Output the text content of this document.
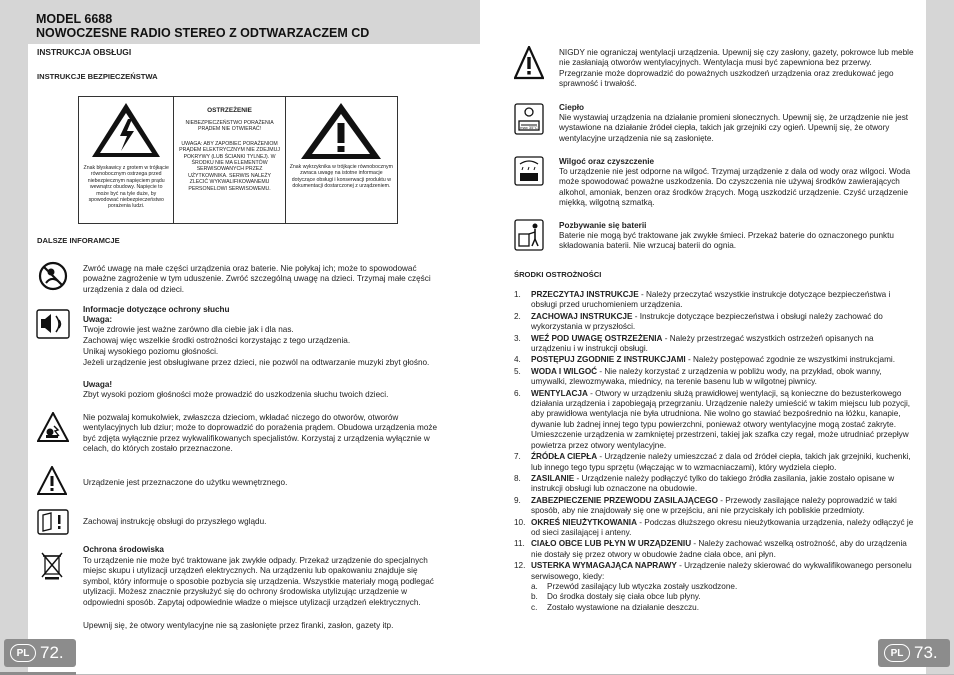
MODEL 6688
NOWOCZESNE RADIO STEREO Z ODTWARZACZEM CD
INSTRUKCJA OBSŁUGI
INSTRUKCJE BEZPIECZEŃSTWA
Znak błyskawicy z grotem w trójkącie równobocznym ostrzega przed niebezpiecznym napięciem prądu wewnątrz obudowy. Napięcie to może być na tyle duże, by spowodować niebezpieczeństwo porażenia ludzi.
OSTRZEŻENIE
NIEBEZPIECZEŃSTWO PORAŻENIA PRĄDEM NIE OTWIERAĆ!
UWAGA: ABY ZAPOBIEC PORAŻENIOM PRĄDEM ELEKTRYCZNYM NIE ZDEJMUJ POKRYWY (LUB ŚCIANKI TYLNEJ). W ŚRODKU NIE MA ELEMENTÓW SERWISOWANYCH PRZEZ UŻYTKOWNIKA. SERWIS NALEŻY ZLECIĆ WYKWALIFIKOWANEMU PERSONELOWI SERWISOWEMU.
Znak wykrzyknika w trójkącie równobocznym zwraca uwagę na istotne informacje dotyczące obsługi i konserwacji produktu w dokumentacji dostarczonej z urządzeniem.
DALSZE INFORAMCJE
Zwróć uwagę na małe części urządzenia oraz baterie. Nie połykaj ich; może to spowodować poważne zagrożenie w tym uduszenie. Zwróć szczególną uwagę na dzieci. Trzymaj małe części urządzenia z dala od dzieci.
Informacje dotyczące ochrony słuchu
Uwaga:
Twoje zdrowie jest ważne zarówno dla ciebie jak i dla nas.
Zachowaj więc wszelkie środki ostrożności korzystając z tego urządzenia.
Unikaj wysokiego poziomu głośności.
Jeżeli urządzenie jest obsługiwane przez dzieci, nie pozwól na odtwarzanie muzyki zbyt głośno.
Uwaga!
Zbyt wysoki poziom głośności może prowadzić do uszkodzenia słuchu twoich dzieci.
Nie pozwalaj komukolwiek, zwłaszcza dzieciom, wkładać niczego do otworów, otworów wentylacyjnych lub dziur; może to doprowadzić do porażenia prądem. Obudowa urządzenia może być zdjęta wyłącznie przez wykwalifikowanych specjalistów. Korzystaj z urządzenia wyłącznie w celach, do których zostało przeznaczone.
Urządzenie jest przeznaczone do użytku wewnętrznego.
Zachowaj instrukcję obsługi do przyszłego wglądu.
Ochrona środowiska
To urządzenie nie może być traktowane jak zwykłe odpady. Przekaż urządzenie do specjalnych miejsc skupu i utylizacji urządzeń elektrycznych. Na urządzeniu lub opakowaniu znajduje się symbol, który informuje o sposobie pozbycia się urządzenia. Wszystkie materiały mogą podlegać utylizacji. Możesz znacznie przysłużyć się do ochrony środowiska utylizując urządzenie w odpowiedni sposób. Zapytaj odpowiednie władze o miejsce utylizacji urządzeń elektrycznych.
Upewnij się, że otwory wentylacyjne nie są zasłonięte przez firanki, zasłon, gazety itp.
PL 72.
NIGDY nie ograniczaj wentylacji urządzenia. Upewnij się czy zasłony, gazety, pokrowce lub meble nie zasłaniają otworów wentylacyjnych. Wentylacja musi być zapewniona bez przerwy. Przegrzanie może doprowadzić do poważnych uszkodzeń urządzenia oraz zredukować jego sprawność i trwałość.
max 35°C
Ciepło
Nie wystawiaj urządzenia na działanie promieni słonecznych. Upewnij się, że urządzenie nie jest wystawione na działanie źródeł ciepła, takich jak grzejniki czy ogień. Upewnij się, że otwory wentylacyjne urządzenia nie są zasłonięte.
Wilgoć oraz czyszczenie
To urządzenie nie jest odporne na wilgoć. Trzymaj urządzenie z dala od wody oraz wilgoci. Woda może spowodować poważne uszkodzenia. Do czyszczenia nie używaj środków zawierających alkohol, amoniak, benzen oraz środków żrących. Mogą uszkodzić urządzenie. Czyść urządzenie miękką, wilgotną szmatką.
Pozbywanie się baterii
Baterie nie mogą być traktowane jak zwykłe śmieci. Przekaż baterie do oznaczonego punktu składowania baterii. Nie wrzucaj baterii do ognia.
ŚRODKI OSTROŻNOŚCI
1. PRZECZYTAJ INSTRUKCJE - Należy przeczytać wszystkie instrukcje dotyczące bezpieczeństwa i obsługi przed uruchomieniem urządzenia.
2. ZACHOWAJ INSTRUKCJE - Instrukcje dotyczące bezpieczeństwa i obsługi należy zachować do wykorzystania w przyszłości.
3. WEŹ POD UWAGĘ OSTRZEŻENIA - Należy przestrzegać wszystkich ostrzeżeń opisanych na urządzeniu i w instrukcji obsługi.
4. POSTĘPUJ ZGODNIE Z INSTRUKCJAMI - Należy postępować zgodnie ze wszystkimi instrukcjami.
5. WODA I WILGOĆ - Nie należy korzystać z urządzenia w pobliżu wody, na przykład, obok wanny, umywalki, zlewozmywaka, miednicy, na terenie basenu lub w wilgotnej piwnicy.
6. WENTYLACJA - Otwory w urządzeniu służą prawidłowej wentylacji, są konieczne do bezusterkowego działania urządzenia i zapobiegają przegrzaniu. Urządzenie należy umieścić w takim miejscu lub pozycji, aby prawidłowa wentylacja nie była utrudniona. Nie wolno go stawiać bezpośrednio na łóżku, kanapie, dywanie lub żadnej innej tego typu powierzchni, ponieważ otwory wentylacyjne mogą zostać zakryte. Umieszczenie urządzenia w zamkniętej przestrzeni, takiej jak szafka czy regał, może utrudniać przepływ powietrza przez otwory wentylacyjne.
7. ŹRÓDŁA CIEPŁA - Urządzenie należy umieszczać z dala od źródeł ciepła, takich jak grzejniki, kuchenki, lub innego tego typu sprzętu (włączając w to wzmacniaczami), który wydziela ciepło.
8. ZASILANIE - Urządzenie należy podłączyć tylko do takiego źródła zasilania, jakie zostało opisane w instrukcji obsługi lub oznaczone na obudowie.
9. ZABEZPIECZENIE PRZEWODU ZASILAJĄCEGO - Przewody zasilające należy poprowadzić w taki sposób, aby nie znajdowały się one w przejściu, ani nie przyciskały ich pobliskie przedmioty.
10. OKREŚ NIEUŻYTKOWANIA - Podczas dłuższego okresu nieużytkowania urządzenia, należy odłączyć je od sieci zasilającej i anteny.
11. CIAŁO OBCE LUB PŁYN W URZĄDZENIU - Należy zachować wszelką ostrożność, aby do urządzenia nie dostały się przez otwory w obudowie żadne ciała obce, ani płyn.
12. USTERKA WYMAGAJĄCA NAPRAWY - Urządzenie należy skierować do wykwalifikowanego personelu serwisowego, kiedy:
a. Przewód zasilający lub wtyczka zostały uszkodzone.
b. Do środka dostały się ciała obce lub płyny.
c. Zostało wystawione na działanie deszczu.
PL 73.
